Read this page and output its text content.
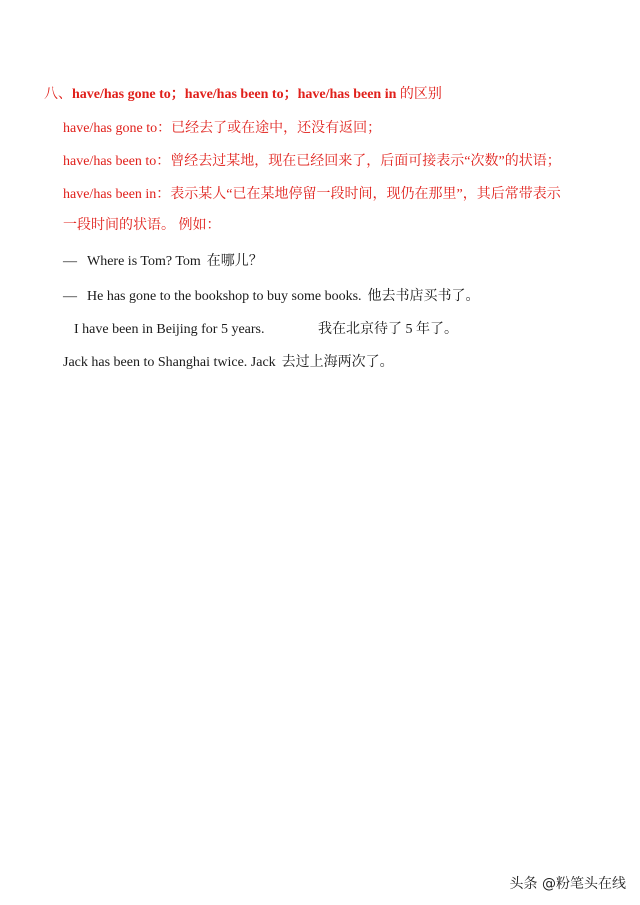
八、have/has gone to；have/has been to；have/has been in 的区别
have/has gone to：已经去了或在途中，还没有返回；
have/has been to：曾经去过某地，现在已经回来了，后面可接表示“次数”的状语；
have/has been in：表示某人“已在某地停留一段时间，现仍在那里”，其后常带表示
一段时间的状语。 例如：
— Where is Tom? Tom 在哪儿？
— He has gone to the bookshop to buy some books. 他去书店买书了。
I have been in Beijing for 5 years.	我在北京待了 5 年了。
Jack has been to Shanghai twice. Jack 去过上海两次了。
头条 @粉笔头在线
